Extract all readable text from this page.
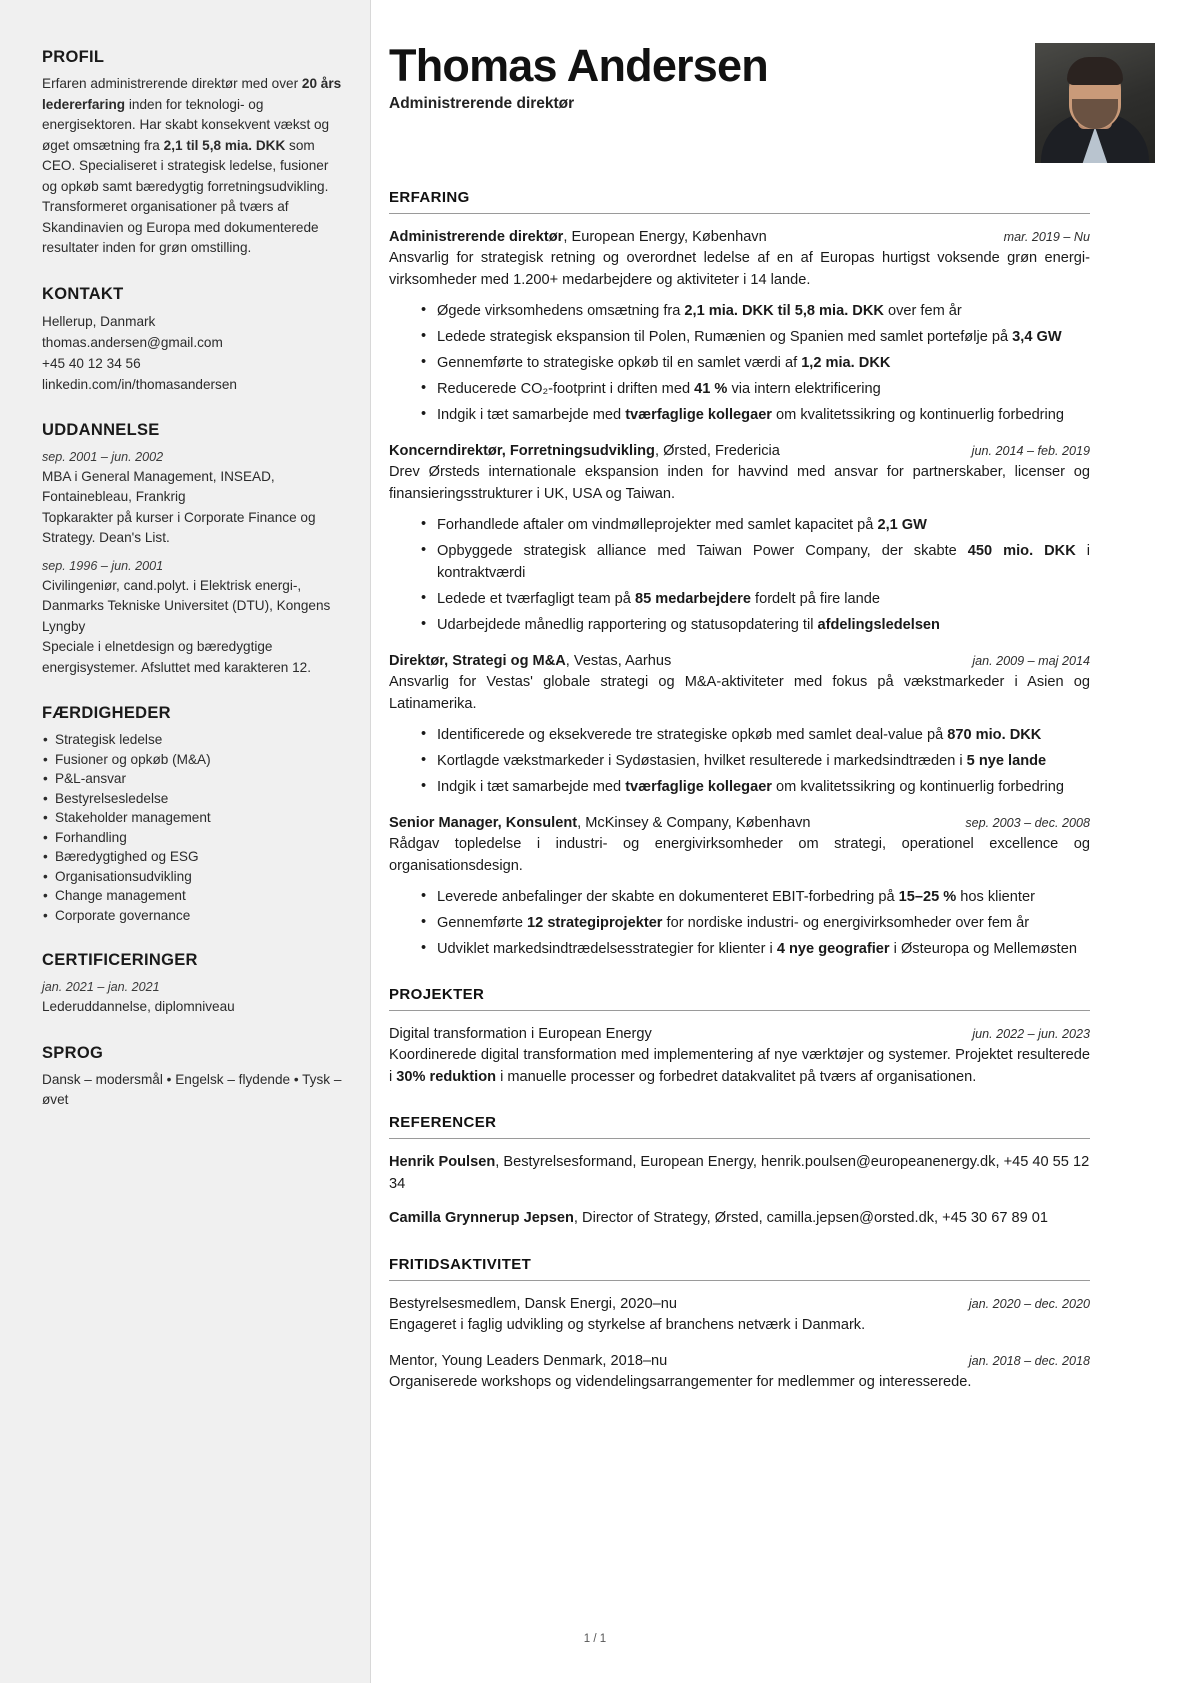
PROFIL

Erfaren administrerende direktør med over 20 års ledererfaring inden for teknologi- og energisektoren. Har skabt konsekvent vækst og øget omsætning fra 2,1 til 5,8 mia. DKK som CEO. Specialiseret i strategisk ledelse, fusioner og opkøb samt bæredygtig forretningsudvikling. Transformeret organisationer på tværs af Skandinavien og Europa med dokumenterede resultater inden for grøn omstilling.

KONTAKT
Hellerup, Danmark
thomas.andersen@gmail.com
+45 40 12 34 56
linkedin.com/in/thomasandersen
UDDANNELSE
sep. 2001 – jun. 2002
MBA i General Management, INSEAD, Fontainebleau, Frankrig
Topkarakter på kurser i Corporate Finance og Strategy. Dean's List.
sep. 1996 – jun. 2001
Civilingeniør, cand.polyt. i Elektrisk energi-, Danmarks Tekniske Universitet (DTU), Kongens Lyngby
Speciale i elnetdesign og bæredygtige energisystemer. Afsluttet med karakteren 12.
FÆRDIGHEDER
• Strategisk ledelse
• Fusioner og opkøb (M&A)
• P&L-ansvar
• Bestyrelsesledelse
• Stakeholder management
• Forhandling
• Bæredygtighed og ESG
• Organisationsudvikling
• Change management
• Corporate governance
CERTIFICERINGER
jan. 2021 – jan. 2021
Lederuddannelse, diplomniveau
SPROG
Dansk – modersmål • Engelsk – flydende • Tysk – øvet
Thomas Andersen
Administrerende direktør
ERFARING
Administrerende direktør, European Energy, København	mar. 2019 – Nu

Ansvarlig for strategisk retning og overordnet ledelse af en af Europas hurtigst voksende grøn energi-virksomheder med 1.200+ medarbejdere og aktiviteter i 14 lande.

• Øgede virksomhedens omsætning fra 2,1 mia. DKK til 5,8 mia. DKK over fem år
• Ledede strategisk ekspansion til Polen, Rumænien og Spanien med samlet portefølje på 3,4 GW
• Gennemførte to strategiske opkøb til en samlet værdi af 1,2 mia. DKK
• Reducerede CO₂-footprint i driften med 41 % via intern elektrificering
• Indgik i tæt samarbejde med tværfaglige kollegaer om kvalitetssikring og kontinuerlig forbedring
Koncerndirektør, Forretningsudvikling, Ørsted, Fredericia	jun. 2014 – feb. 2019

Drev Ørsteds internationale ekspansion inden for havvind med ansvar for partnerskaber, licenser og finansieringsstrukturer i UK, USA og Taiwan.

• Forhandlede aftaler om vindmølleprojekter med samlet kapacitet på 2,1 GW
• Opbyggede strategisk alliance med Taiwan Power Company, der skabte 450 mio. DKK i kontraktværdi
• Ledede et tværfagligt team på 85 medarbejdere fordelt på fire lande
• Udarbejdede månedlig rapportering og statusopdatering til afdelingsledelsen
Direktør, Strategi og M&A, Vestas, Aarhus	jan. 2009 – maj 2014

Ansvarlig for Vestas' globale strategi og M&A-aktiviteter med fokus på vækstmarkeder i Asien og Latinamerika.

• Identificerede og eksekverede tre strategiske opkøb med samlet deal-value på 870 mio. DKK
• Kortlagde vækstmarkeder i Sydøstasien, hvilket resulterede i markedsindtræden i 5 nye lande
• Indgik i tæt samarbejde med tværfaglige kollegaer om kvalitetssikring og kontinuerlig forbedring
Senior Manager, Konsulent, McKinsey & Company, København	sep. 2003 – dec. 2008

Rådgav topledelse i industri- og energivirksomheder om strategi, operationel excellence og organisationsdesign.

• Leverede anbefalinger der skabte en dokumenteret EBIT-forbedring på 15–25 % hos klienter
• Gennemførte 12 strategiprojekter for nordiske industri- og energivirksomheder over fem år
• Udviklet markedsindtrædelsesstrategier for klienter i 4 nye geografier i Østeuropa og Mellemøsten
PROJEKTER
Digital transformation i European Energy	jun. 2022 – jun. 2023

Koordinerede digital transformation med implementering af nye værktøjer og systemer. Projektet resulterede i 30% reduktion i manuelle processer og forbedret datakvalitet på tværs af organisationen.

REFERENCER
Henrik Poulsen, Bestyrelsesformand, European Energy, henrik.poulsen@europeanenergy.dk, +45 40 55 12 34
Camilla Grynnerup Jepsen, Director of Strategy, Ørsted, camilla.jepsen@orsted.dk, +45 30 67 89 01
FRITIDSAKTIVITET
Bestyrelsesmedlem, Dansk Energi, 2020–nu	jan. 2020 – dec. 2020

Engageret i faglig udvikling og styrkelse af branchens netværk i Danmark.

Mentor, Young Leaders Denmark, 2018–nu	jan. 2018 – dec. 2018

Organiserede workshops og videndelingsarrangementer for medlemmer og interesserede.

1 / 1
